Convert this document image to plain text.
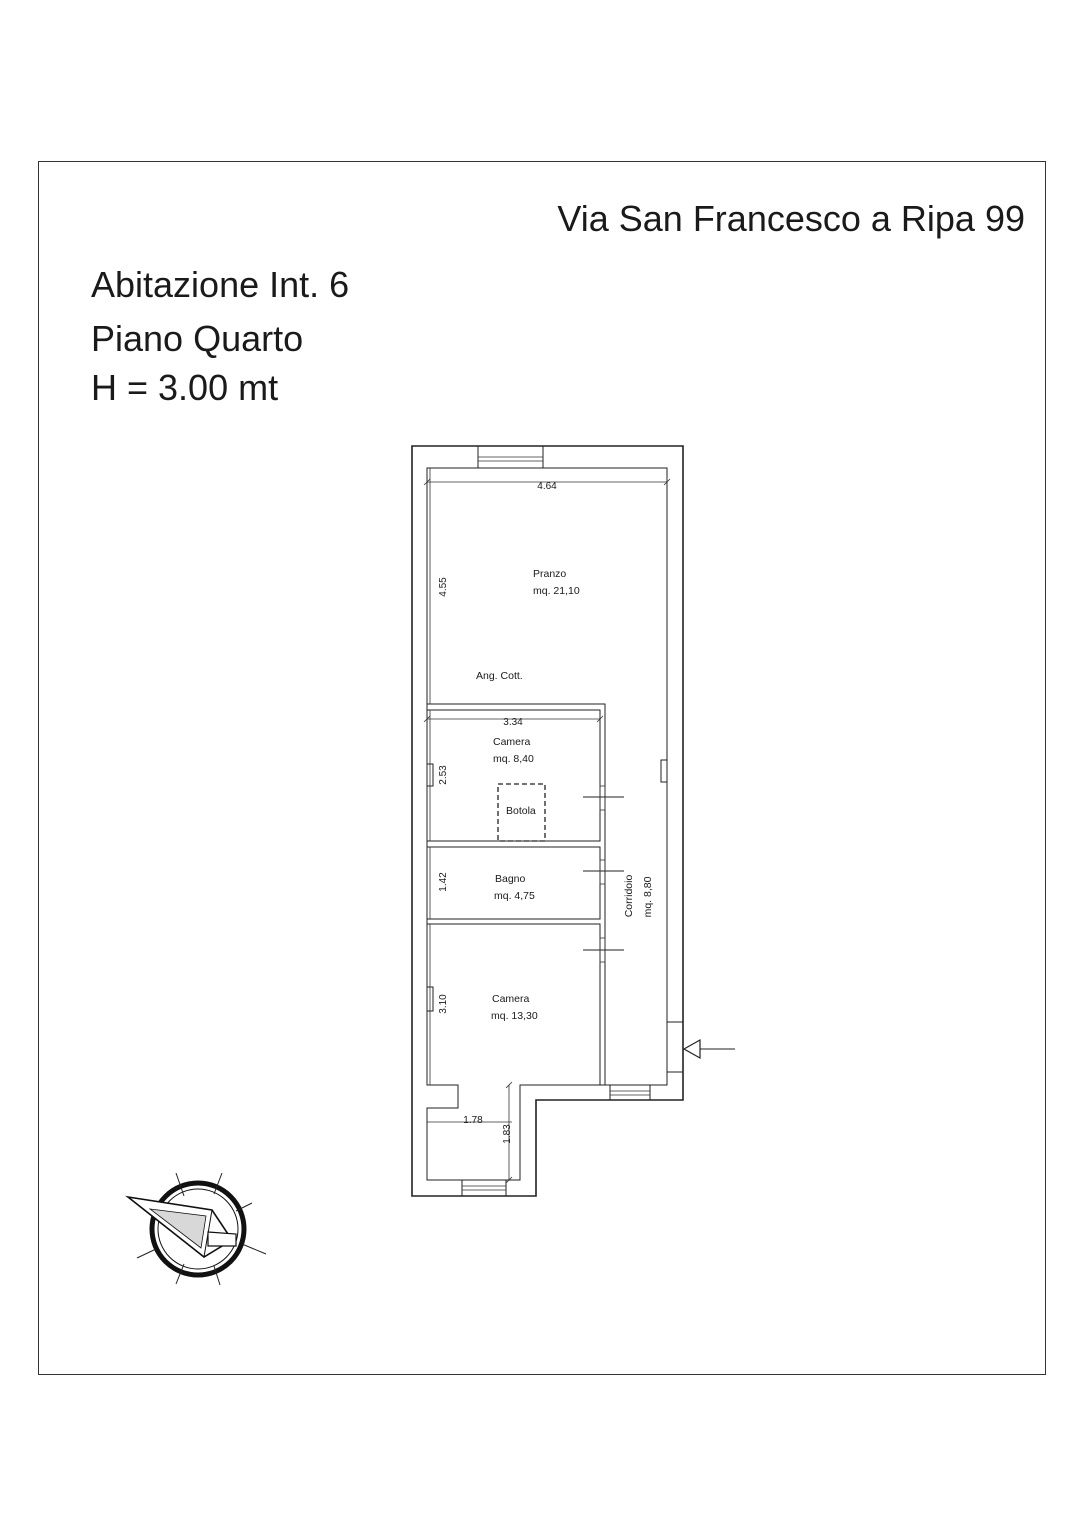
Via San Francesco a Ripa 99
Abitazione Int. 6
Piano Quarto
H = 3.00 mt
4.64
4.55
3.34
2.53
1.42
3.10
1.78
1.83
Pranzo
mq. 21,10
Ang. Cott.
Camera
mq. 8,40
Botola
Bagno
mq. 4,75	Corridoio mq. 8,80
Camera
mq. 13,30
